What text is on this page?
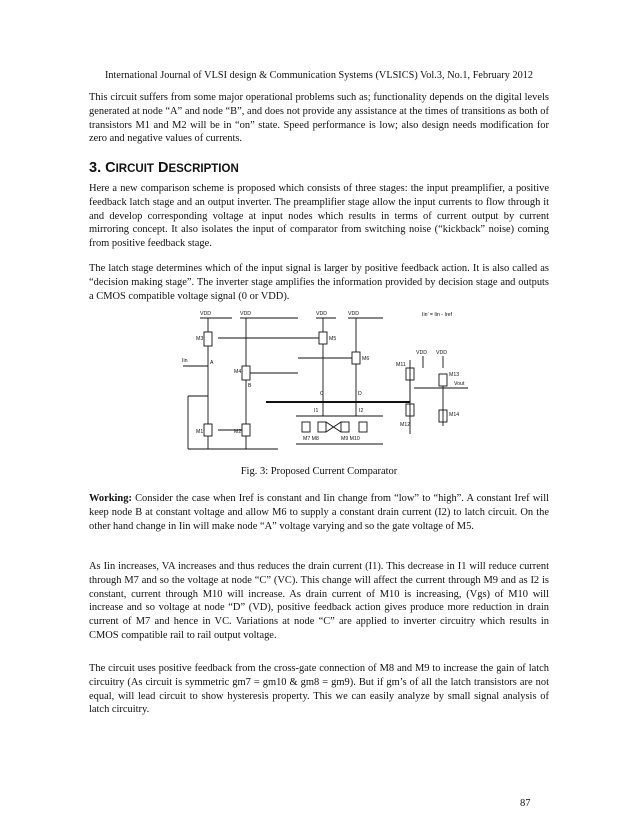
International Journal of VLSI design & Communication Systems (VLSICS) Vol.3, No.1, February 2012
This circuit suffers from some major operational problems such as; functionality depends on the digital levels generated at node “A” and node “B”, and does not provide any assistance at the times of transitions as both of transistors M1 and M2 will be in “on” state. Speed performance is low; also design needs modification for zero and negative values of currents.
3. CIRCUIT DESCRIPTION
Here a new comparison scheme is proposed which consists of three stages: the input preamplifier, a positive feedback latch stage and an output inverter. The preamplifier stage allow the input currents to flow through it and develop corresponding voltage at input nodes which results in terms of current output by current mirroring concept. It also isolates the input of comparator from switching noise (“kickback” noise) coming from positive feedback stage.
The latch stage determines which of the input signal is larger by positive feedback action. It is also called as “decision making stage”. The inverter stage amplifies the information provided by decision stage and outputs a CMOS compatible voltage signal (0 or VDD).
VDD	VDD	VDD	VDD
VDD VDD
Iin’ = Iin - Iref
M3
M1
M4
M2
M5
M6
M7 M8	M9 M10
M11
M13
M14
M12
A
B
C	D
I1	I2
Iin
Vout
Fig. 3: Proposed Current Comparator
Working: Consider the case when Iref is constant and Iin change from “low” to “high”. A constant Iref will keep node B at constant voltage and allow M6 to supply a constant drain current (I2) to latch circuit. On the other hand change in Iin will make node “A” voltage varying and so the gate voltage of M5.
As Iin increases, VA increases and thus reduces the drain current (I1). This decrease in I1 will reduce current through M7 and so the voltage at node “C” (VC). This change will affect the current through M9 and as I2 is constant, current through M10 will increase. As drain current of M10 is increasing, (Vgs) of M10 will increase and so voltage at node “D” (VD), positive feedback action gives produce more reduction in drain current of M7 and hence in VC. Variations at node “C” are applied to inverter circuitry which results in CMOS compatible rail to rail output voltage.
The circuit uses positive feedback from the cross-gate connection of M8 and M9 to increase the gain of latch circuitry (As circuit is symmetric gm7 = gm10 & gm8 = gm9). But if gm’s of all the latch transistors are not equal, will lead circuit to show hysteresis property. This we can easily analyze by small signal analysis of latch circuitry.
87
